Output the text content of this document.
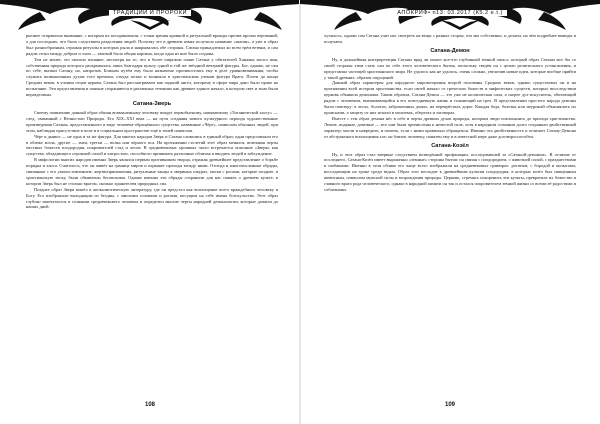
ТРАДИЦИИ И ПРОРОКИ

рьезнее отправлено внимание, с которым их воспринимали, с точки зрения кровной и ритуальной вражды против прочих верований, а для последних, что было следствием разделения людей. Поэтому это в древнем языке получило название «шатан», а уже и образ был разнообразным, отражая ритуалы в которых рыла и накрывалась обе стороны. Сатана принадлежал ко всем трём ветвям, и сам рядом стоял между добром и злом — таковой была общая картина, когда одна из них была создана.

Тем не менее, это оказало влияние, несмотря на то, что в более широком плане Сатана у обитателей Ханаана носил имя, собственная природа которого раскрывалась лишь благодаря культу одной и той же звёздной вечерней фигуры. Бог, однако, не сам по себе, вызвал Сатану, но, напротив, Божьим путём ему было назначено противостоять ему в деле уравновешивания, чтобы служить возвышенным духам того времени, откуда позже и возникла в христианском учении фигура Врага. Почти до конца Средних веков, в учении отцов церкви, Сатана был рассматриваем как падший ангел, которому в сфере мира дано было право на испытание. Эти представления и поныне сохраняются в различных течениях как древнее единое начало, в котором свет и тьма были неразделимы.

Сатана-Зверь

Своему появлению данный образ обязан возвышенному человеку вокруг первобытному, называемому «Титанической хаосу» — след, связанный с Вечностью Природы. Его XIX–XXI века — на пути создания нового культурного периода художественные произведения Сатаны, представленного в виде человека-обращённого существа, названные «Чёрт», символом обычных людей, при этом, наблюдая присутствие в поле и в социальном пространстве ещё и теней символов.

Чёрт и дьявол — не одна и та же фигура. Для многих народов Зверь и Сатана сливались в единый образ; одни представляли его в облике козла, другие — змея, третьи — волка или чёрного пса. На протяжении столетий этот образ менялся, впитывая черты местных божеств плодородия, покровителей стад и лесов. В средневековых хрониках часто встречается описание «Зверя» как существа, обладающего огромной силой и хитростью, способного принимать различные обличья и вводить людей в заблуждение.

В мифологии многих народов именно Зверь являлся первым противником творца, отражая древнейшее представление о борьбе порядка и хаоса. Считалось, что он живёт на границе миров и охраняет проходы между ними. Отсюда и многочисленные обряды, связанные с его умилостивлением: жертвоприношения, ритуальные танцы в звериных шкурах, маски с рогами, которые позднее, в христианскую эпоху, были объявлены бесовскими. Однако именно эти обряды сохранили для нас память о древнем культе, в котором Зверь был не столько врагом, сколько хранителем природных сил.

Позднее образ Зверя вошёл в апокалиптическую литературу, где он предстал как воплощение всего враждебного человеку и Богу. Его изображали выходящим из бездны, с многими головами и рогами, несущим на себе имена богохульства. Этот образ глубоко запечатлелся в сознании средневекового человека и определил многие черты народной демонологии, которые дожили до наших дней.

108
АПОКРИФ• n13: 03.2017 (К5.2 e.t.)

лучилось, однако сам Сатана учит нас смотреть на вещи с разных сторон, что мы собственно, и делаем, на чём подробнее выводы и получаем.

Сатана-Демон

Ну, и дальнейшая интерпретация Сатаны вряд ли может кое-что глубинный земной смысл, который образ Сатаны мог бы со своей стороны этим стать сам по себе этого человеческого бытия, поскольку сведён он с целью религиозного установления, и представлял частицей христианского мира. Не удалось как не удалось, очень сложно, увеличив новые идеи, которые вообще прийти у такой древних, образов ощущений.

Данный образ характерен для народного мировоззрения второй половины Средних веков, однако существовал он и на протяжении всей истории христианства, если своей начало от греческих божеств и мифических существ, которых впоследствии церковь объявила демонами. Таким образом, Сатана-Демон — это уже не космическая сила, а скорее дух-искуситель, обитающий рядом с человеком, вмешивающийся в его повседневную жизнь и толкающий на грех. В представлении простого народа демоны были повсюду: в лесах, болотах, заброшенных домах, на перекрёстках дорог. Каждая беда, болезнь или неурожай объяснялись их происками, а защиту от них искали в молитвах, оберегах и заговорах.

Вместе с тем образ демона нёс в себе и черты древних духов природы, которым люди поклонялись до прихода христианства. Лешие, водяные, домовые — все они были причислены к нечистой силе, хотя в народном сознании долго сохраняли двойственный характер: могли и навредить, и помочь, если с ними правильно обращаться. Именно эта двойственность и отличает Сатану-Демона от абстрактного воплощения зла: он близок человеку, понятен ему и в известной мере даже договороспособен.

Сатана-Козёл

Ну, и этот образ стал впервые следствием возведённой профанации, последовавшей за «Сатаной-демоном». В отличие от последнего, Сатана-Козёл имеет выраженно «земные» стороны бытия: он связан с плодородием, с животной силой, с празднествами и шабашами. Именно в этом облике его чаще всего изображали на средневековых гравюрах: рогатым, с бородой и копытами, восседающим на троне среди ведьм. Образ этот восходит к древнейшим культам плодородия, в которых козёл был священным животным, символом мужской силы и возрождения природы. Церковь, стремясь искоренить эти культы, превратила их божество в главного врага рода человеческого, однако в народной памяти он так и остался покровителем земной жизни со всеми её радостями и соблазнами.

109
